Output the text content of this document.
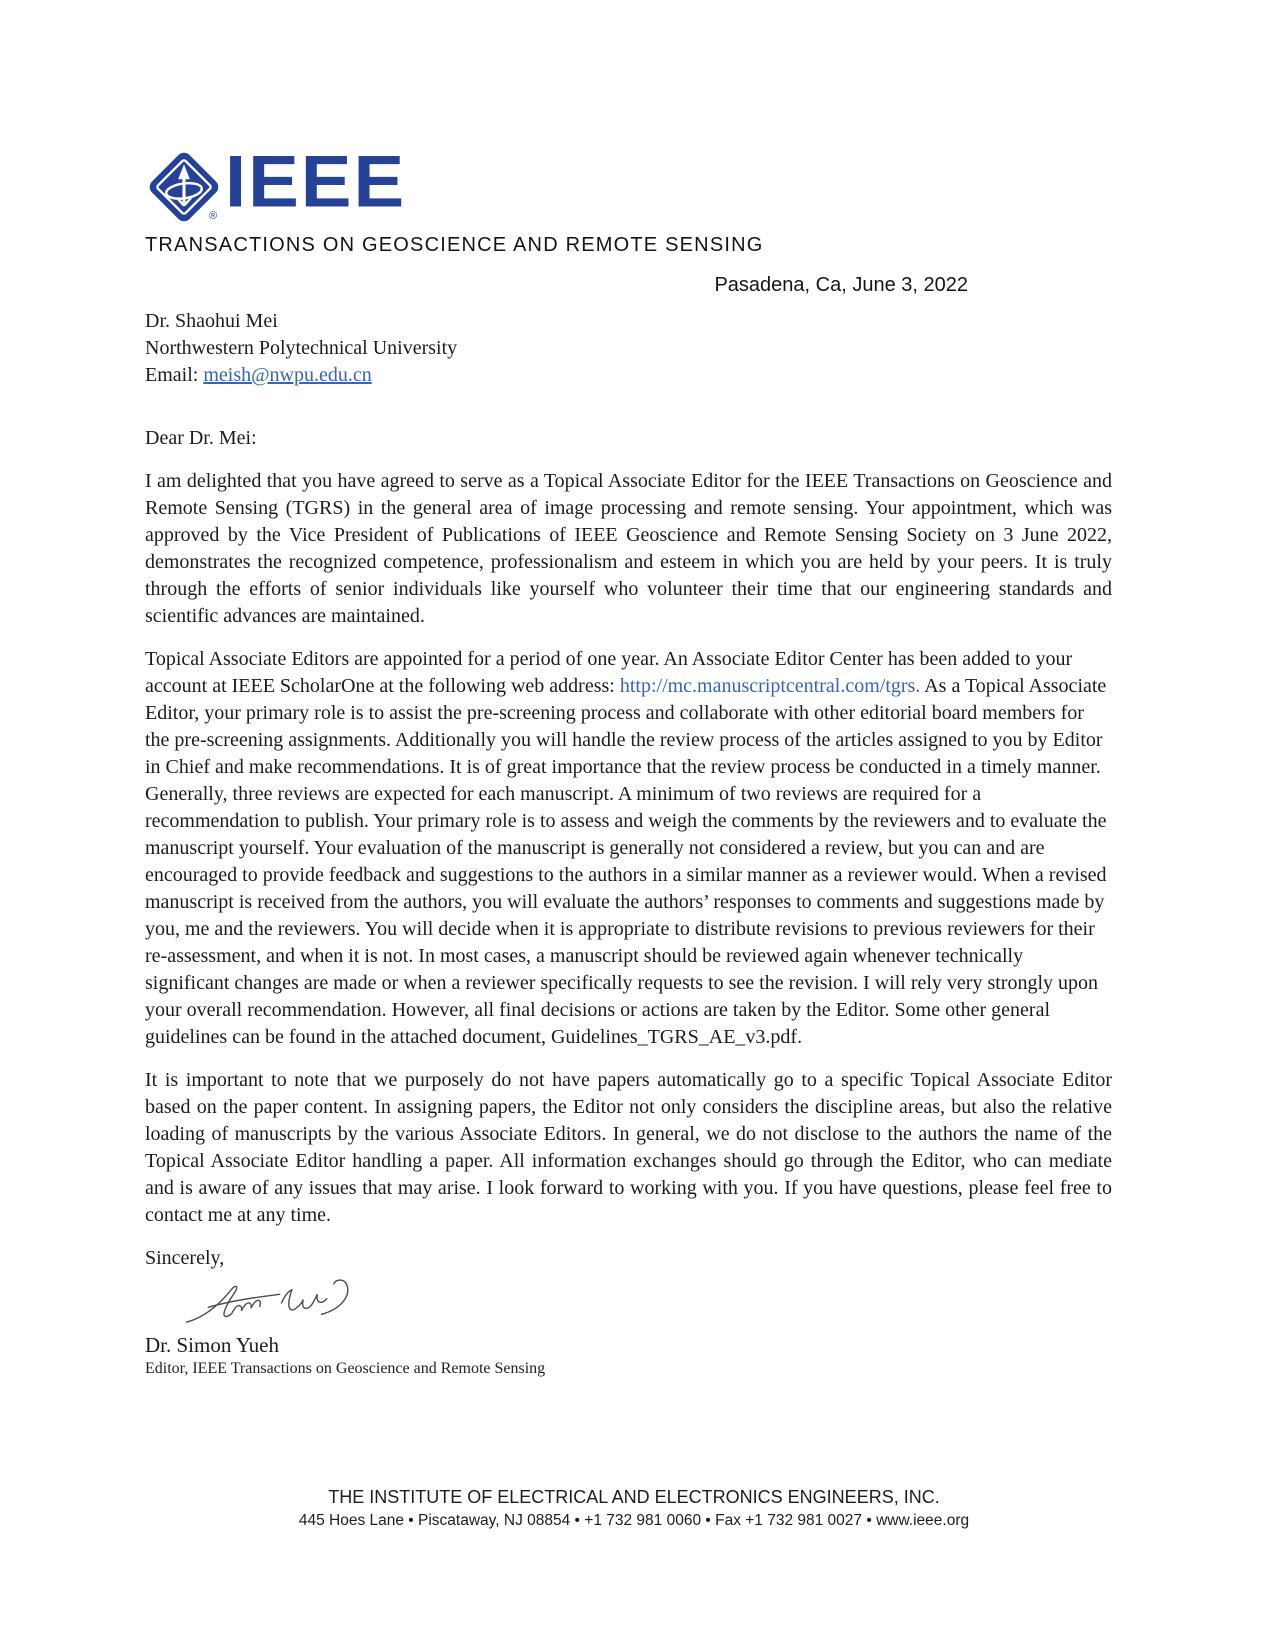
® IEEE
TRANSACTIONS ON GEOSCIENCE AND REMOTE SENSING
Pasadena, Ca, June 3, 2022
Dr. Shaohui Mei
Northwestern Polytechnical University
Email: meish@nwpu.edu.cn
Dear Dr. Mei:

I am delighted that you have agreed to serve as a Topical Associate Editor for the IEEE Transactions on Geoscience and Remote Sensing (TGRS) in the general area of image processing and remote sensing. Your appointment, which was approved by the Vice President of Publications of IEEE Geoscience and Remote Sensing Society on 3 June 2022, demonstrates the recognized competence, professionalism and esteem in which you are held by your peers. It is truly through the efforts of senior individuals like yourself who volunteer their time that our engineering standards and scientific advances are maintained.

Topical Associate Editors are appointed for a period of one year. An Associate Editor Center has been added to your account at IEEE ScholarOne at the following web address: http://mc.manuscriptcentral.com/tgrs. As a Topical Associate Editor, your primary role is to assist the pre-screening process and collaborate with other editorial board members for the pre-screening assignments. Additionally you will handle the review process of the articles assigned to you by Editor in Chief and make recommendations. It is of great importance that the review process be conducted in a timely manner. Generally, three reviews are expected for each manuscript. A minimum of two reviews are required for a recommendation to publish. Your primary role is to assess and weigh the comments by the reviewers and to evaluate the manuscript yourself. Your evaluation of the manuscript is generally not considered a review, but you can and are encouraged to provide feedback and suggestions to the authors in a similar manner as a reviewer would. When a revised manuscript is received from the authors, you will evaluate the authors’ responses to comments and suggestions made by you, me and the reviewers. You will decide when it is appropriate to distribute revisions to previous reviewers for their re-assessment, and when it is not. In most cases, a manuscript should be reviewed again whenever technically significant changes are made or when a reviewer specifically requests to see the revision. I will rely very strongly upon your overall recommendation. However, all final decisions or actions are taken by the Editor. Some other general guidelines can be found in the attached document, Guidelines_TGRS_AE_v3.pdf.

It is important to note that we purposely do not have papers automatically go to a specific Topical Associate Editor based on the paper content. In assigning papers, the Editor not only considers the discipline areas, but also the relative loading of manuscripts by the various Associate Editors. In general, we do not disclose to the authors the name of the Topical Associate Editor handling a paper. All information exchanges should go through the Editor, who can mediate and is aware of any issues that may arise. I look forward to working with you. If you have questions, please feel free to contact me at any time.

Sincerely,
Dr. Simon Yueh
Editor, IEEE Transactions on Geoscience and Remote Sensing
THE INSTITUTE OF ELECTRICAL AND ELECTRONICS ENGINEERS, INC.
445 Hoes Lane • Piscataway, NJ 08854 • +1 732 981 0060 • Fax +1 732 981 0027 • www.ieee.org
